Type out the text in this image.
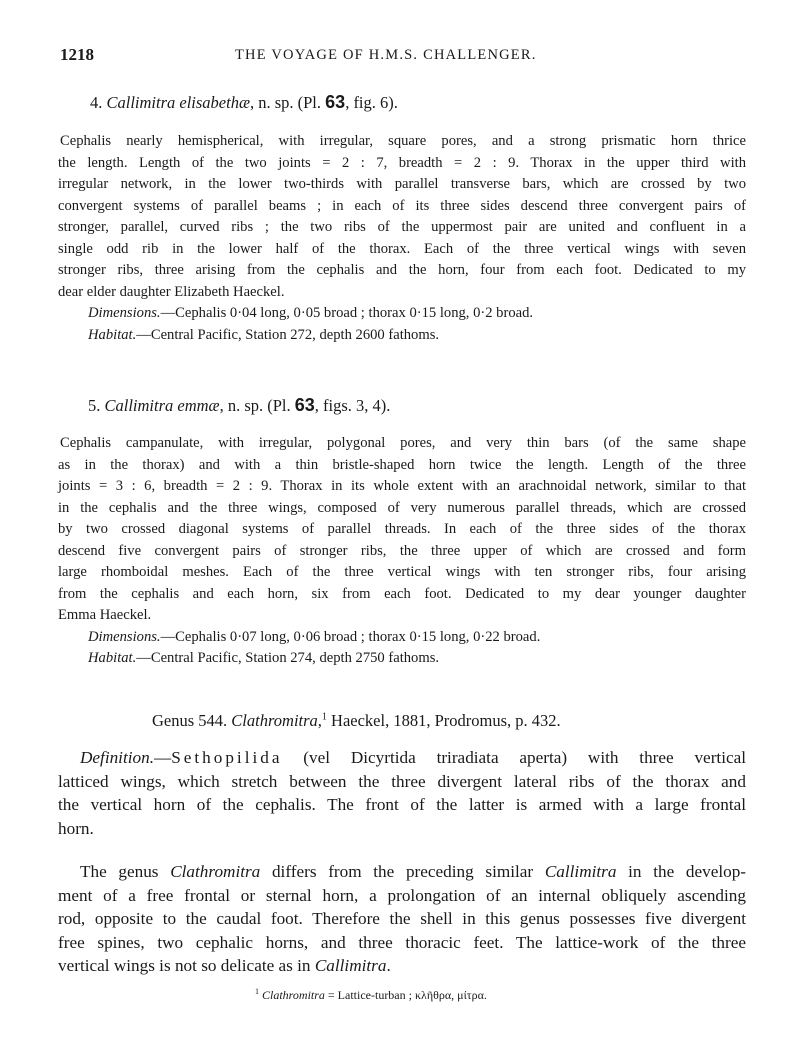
1218	THE VOYAGE OF H.M.S. CHALLENGER.
4. Callimitra elisabethæ, n. sp. (Pl. 63, fig. 6).
Cephalis nearly hemispherical, with irregular, square pores, and a strong prismatic horn thrice
the length. Length of the two joints = 2 : 7, breadth = 2 : 9. Thorax in the upper third with
irregular network, in the lower two-thirds with parallel transverse bars, which are crossed by two
convergent systems of parallel beams ; in each of its three sides descend three convergent pairs of
stronger, parallel, curved ribs ; the two ribs of the uppermost pair are united and confluent in a
single odd rib in the lower half of the thorax. Each of the three vertical wings with seven
stronger ribs, three arising from the cephalis and the horn, four from each foot. Dedicated to my
dear elder daughter Elizabeth Haeckel.
Dimensions.—Cephalis 0·04 long, 0·05 broad ; thorax 0·15 long, 0·2 broad.
Habitat.—Central Pacific, Station 272, depth 2600 fathoms.
5. Callimitra emmæ, n. sp. (Pl. 63, figs. 3, 4).
Cephalis campanulate, with irregular, polygonal pores, and very thin bars (of the same shape
as in the thorax) and with a thin bristle-shaped horn twice the length. Length of the three
joints = 3 : 6, breadth = 2 : 9. Thorax in its whole extent with an arachnoidal network, similar to that
in the cephalis and the three wings, composed of very numerous parallel threads, which are crossed
by two crossed diagonal systems of parallel threads. In each of the three sides of the thorax
descend five convergent pairs of stronger ribs, the three upper of which are crossed and form
large rhomboidal meshes. Each of the three vertical wings with ten stronger ribs, four arising
from the cephalis and each horn, six from each foot. Dedicated to my dear younger daughter
Emma Haeckel.
Dimensions.—Cephalis 0·07 long, 0·06 broad ; thorax 0·15 long, 0·22 broad.
Habitat.—Central Pacific, Station 274, depth 2750 fathoms.
Genus 544. Clathromitra,$^1$ Haeckel, 1881, Prodromus, p. 432.
Definition.—Sethopilida (vel Dicyrtida triradiata aperta) with three vertical
latticed wings, which stretch between the three divergent lateral ribs of the thorax and
the vertical horn of the cephalis. The front of the latter is armed with a large frontal
horn.
The genus Clathromitra differs from the preceding similar Callimitra in the develop-
ment of a free frontal or sternal horn, a prolongation of an internal obliquely ascending
rod, opposite to the caudal foot. Therefore the shell in this genus possesses five divergent
free spines, two cephalic horns, and three thoracic feet. The lattice-work of the three
vertical wings is not so delicate as in Callimitra.
$^1$ Clathromitra = Lattice-turban ; κλῆθρα, μίτρα.
